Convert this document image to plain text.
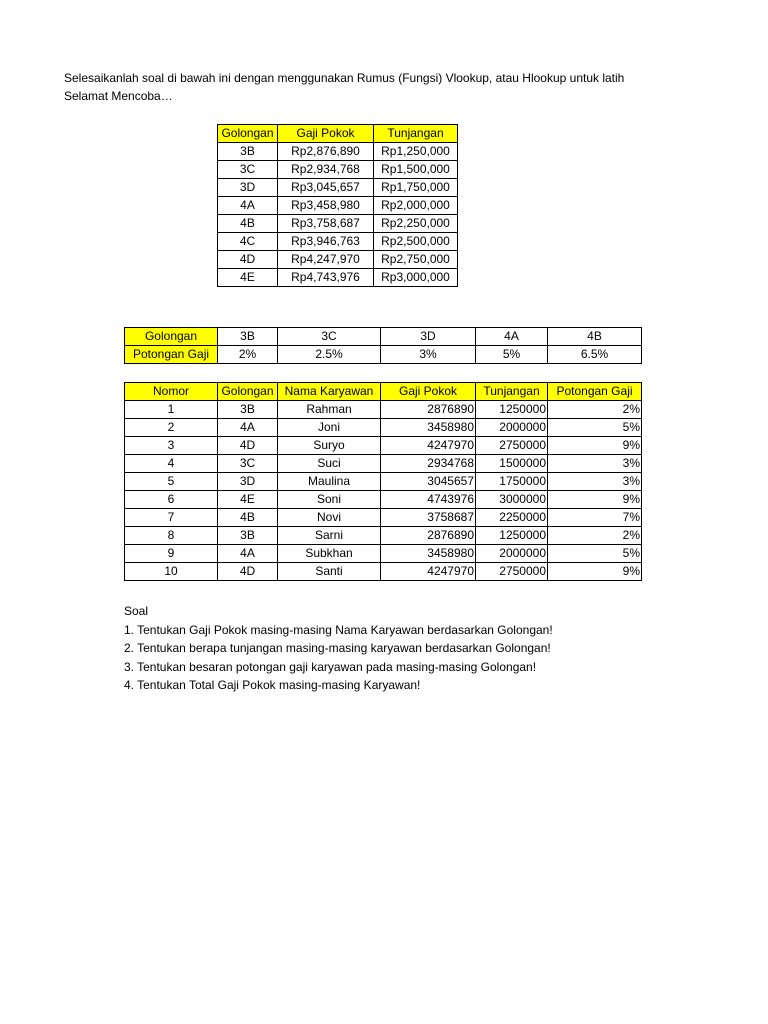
Selesaikanlah soal di bawah ini dengan menggunakan Rumus (Fungsi) Vlookup, atau Hlookup untuk latih
Selamat Mencoba…
Golongan	Gaji Pokok	Tunjangan
3B	Rp2,876,890	Rp1,250,000
3C	Rp2,934,768	Rp1,500,000
3D	Rp3,045,657	Rp1,750,000
4A	Rp3,458,980	Rp2,000,000
4B	Rp3,758,687	Rp2,250,000
4C	Rp3,946,763	Rp2,500,000
4D	Rp4,247,970	Rp2,750,000
4E	Rp4,743,976	Rp3,000,000
Golongan	3B	3C	3D	4A	4B
Potongan Gaji	2%	2.5%	3%	5%	6.5%
Nomor	Golongan	Nama Karyawan	Gaji Pokok	Tunjangan	Potongan Gaji
1	3B	Rahman	2876890	1250000	2%
2	4A	Joni	3458980	2000000	5%
3	4D	Suryo	4247970	2750000	9%
4	3C	Suci	2934768	1500000	3%
5	3D	Maulina	3045657	1750000	3%
6	4E	Soni	4743976	3000000	9%
7	4B	Novi	3758687	2250000	7%
8	3B	Sarni	2876890	1250000	2%
9	4A	Subkhan	3458980	2000000	5%
10	4D	Santi	4247970	2750000	9%
Soal
1. Tentukan Gaji Pokok masing-masing Nama Karyawan berdasarkan Golongan!
2. Tentukan berapa tunjangan masing-masing karyawan berdasarkan Golongan!
3. Tentukan besaran potongan gaji karyawan pada masing-masing Golongan!
4. Tentukan Total Gaji Pokok masing-masing Karyawan!
